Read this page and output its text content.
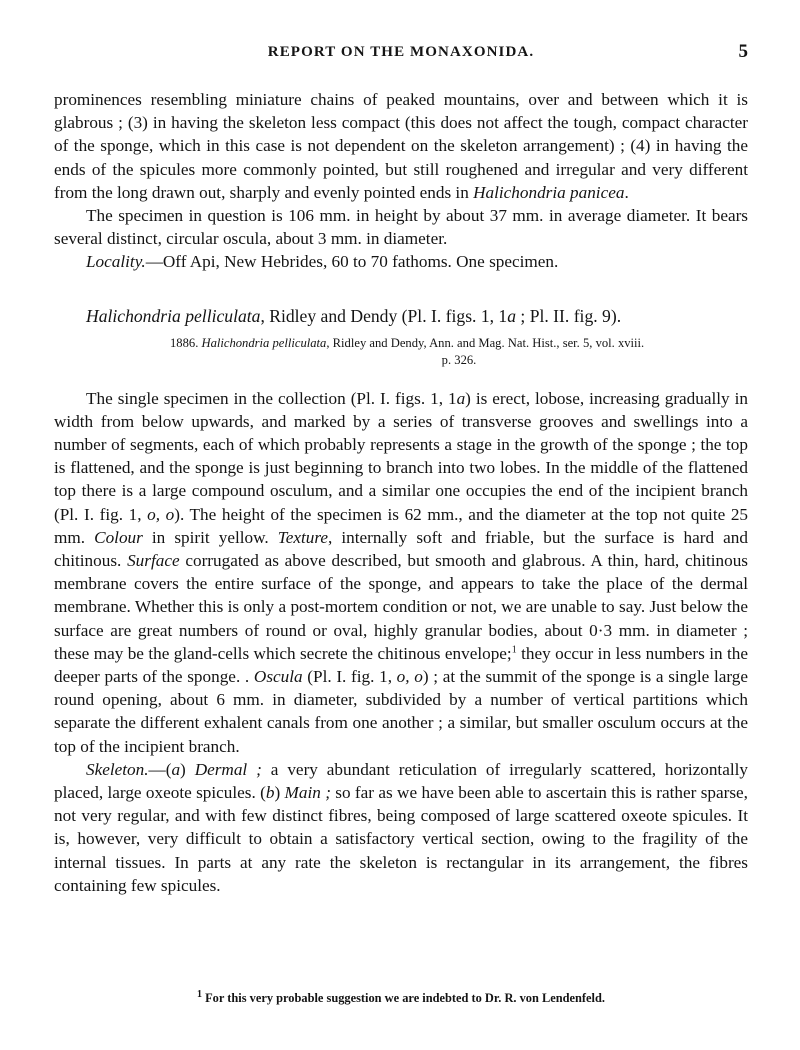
REPORT ON THE MONAXONIDA.	5

prominences resembling miniature chains of peaked mountains, over and between which it is glabrous ; (3) in having the skeleton less compact (this does not affect the tough, compact character of the sponge, which in this case is not dependent on the skeleton arrangement) ; (4) in having the ends of the spicules more commonly pointed, but still roughened and irregular and very different from the long drawn out, sharply and evenly pointed ends in Halichondria panicea.

The specimen in question is 106 mm. in height by about 37 mm. in average diameter. It bears several distinct, circular oscula, about 3 mm. in diameter.

Locality.—Off Api, New Hebrides, 60 to 70 fathoms. One specimen.

Halichondria pelliculata, Ridley and Dendy (Pl. I. figs. 1, 1a ; Pl. II. fig. 9).

1886. Halichondria pelliculata, Ridley and Dendy, Ann. and Mag. Nat. Hist., ser. 5, vol. xviii.
p. 326.

The single specimen in the collection (Pl. I. figs. 1, 1a) is erect, lobose, increasing gradually in width from below upwards, and marked by a series of transverse grooves and swellings into a number of segments, each of which probably represents a stage in the growth of the sponge ; the top is flattened, and the sponge is just beginning to branch into two lobes. In the middle of the flattened top there is a large compound osculum, and a similar one occupies the end of the incipient branch (Pl. I. fig. 1, o, o). The height of the specimen is 62 mm., and the diameter at the top not quite 25 mm. Colour in spirit yellow. Texture, internally soft and friable, but the surface is hard and chitinous. Surface corrugated as above described, but smooth and glabrous. A thin, hard, chitinous membrane covers the entire surface of the sponge, and appears to take the place of the dermal membrane. Whether this is only a post-mortem condition or not, we are unable to say. Just below the surface are great numbers of round or oval, highly granular bodies, about 0·3 mm. in diameter ; these may be the gland-cells which secrete the chitinous envelope;$^1$ they occur in less numbers in the deeper parts of the sponge. . Oscula (Pl. I. fig. 1, o, o) ; at the summit of the sponge is a single large round opening, about 6 mm. in diameter, subdivided by a number of vertical partitions which separate the different exhalent canals from one another ; a similar, but smaller osculum occurs at the top of the incipient branch.

Skeleton.—(a) Dermal ; a very abundant reticulation of irregularly scattered, horizontally placed, large oxeote spicules. (b) Main ; so far as we have been able to ascertain this is rather sparse, not very regular, and with few distinct fibres, being composed of large scattered oxeote spicules. It is, however, very difficult to obtain a satisfactory vertical section, owing to the fragility of the internal tissues. In parts at any rate the skeleton is rectangular in its arrangement, the fibres containing few spicules.

$^1$ For this very probable suggestion we are indebted to Dr. R. von Lendenfeld.
